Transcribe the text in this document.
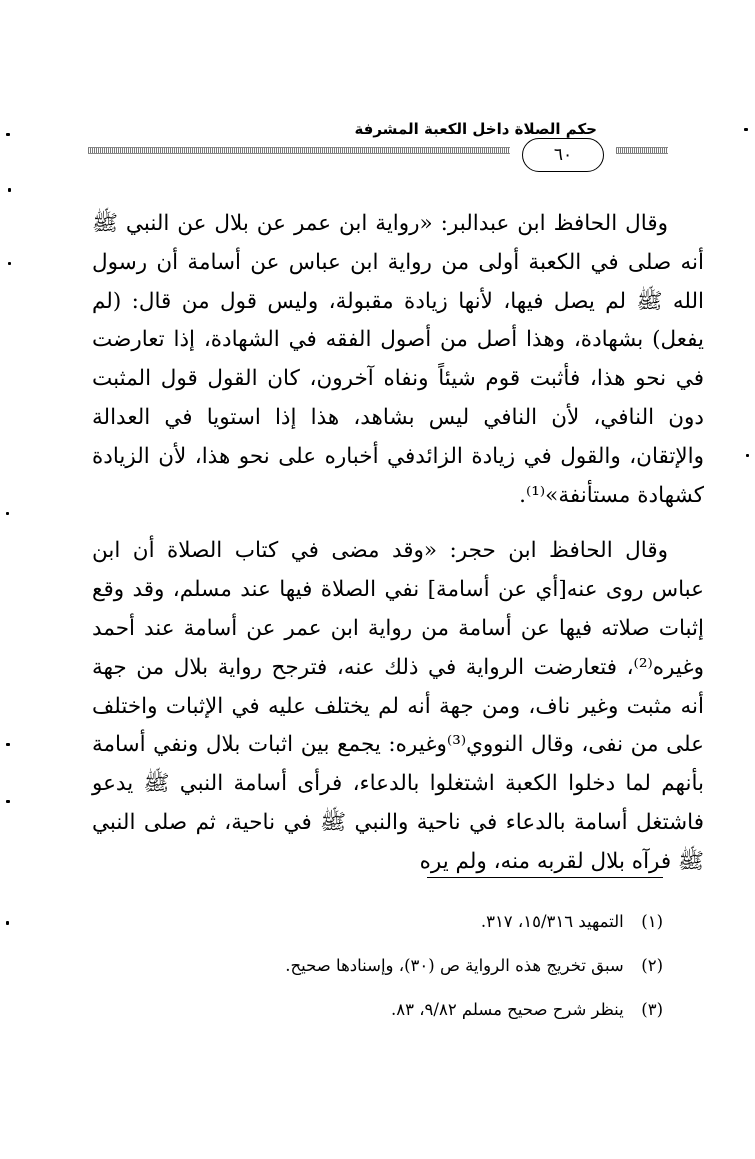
حكم الصلاة داخل الكعبة المشرفة
٦٠

وقال الحافظ ابن عبدالبر: «رواية ابن عمر عن بلال عن النبي ﷺ أنه صلى في الكعبة أولى من رواية ابن عباس عن أسامة أن رسول الله ﷺ لم يصل فيها، لأنها زيادة مقبولة، وليس قول من قال: (لم يفعل) بشهادة، وهذا أصل من أصول الفقه في الشهادة، إذا تعارضت في نحو هذا، فأثبت قوم شيئاً ونفاه آخرون، كان القول قول المثبت دون النافي، لأن النافي ليس بشاهد، هذا إذا استويا في العدالة والإتقان، والقول في زيادة الزائدفي أخباره على نحو هذا، لأن الزيادة كشهادة مستأنفة»⁽¹⁾.

وقال الحافظ ابن حجر: «وقد مضى في كتاب الصلاة أن ابن عباس روى عنه[أي عن أسامة] نفي الصلاة فيها عند مسلم، وقد وقع إثبات صلاته فيها عن أسامة من رواية ابن عمر عن أسامة عند أحمد وغيره⁽²⁾، فتعارضت الرواية في ذلك عنه، فترجح رواية بلال من جهة أنه مثبت وغير ناف، ومن جهة أنه لم يختلف عليه في الإثبات واختلف على من نفى، وقال النووي⁽³⁾وغيره: يجمع بين اثبات بلال ونفي أسامة بأنهم لما دخلوا الكعبة اشتغلوا بالدعاء، فرأى أسامة النبي ﷺ يدعو فاشتغل أسامة بالدعاء في ناحية والنبي ﷺ في ناحية، ثم صلى النبي ﷺ فرآه بلال لقربه منه، ولم يره

(١) التمهيد ١٥/٣١٦، ٣١٧.
(٢) سبق تخريج هذه الرواية ص (٣٠)، وإسنادها صحيح.
(٣) ينظر شرح صحيح مسلم ٩/٨٢، ٨٣.
